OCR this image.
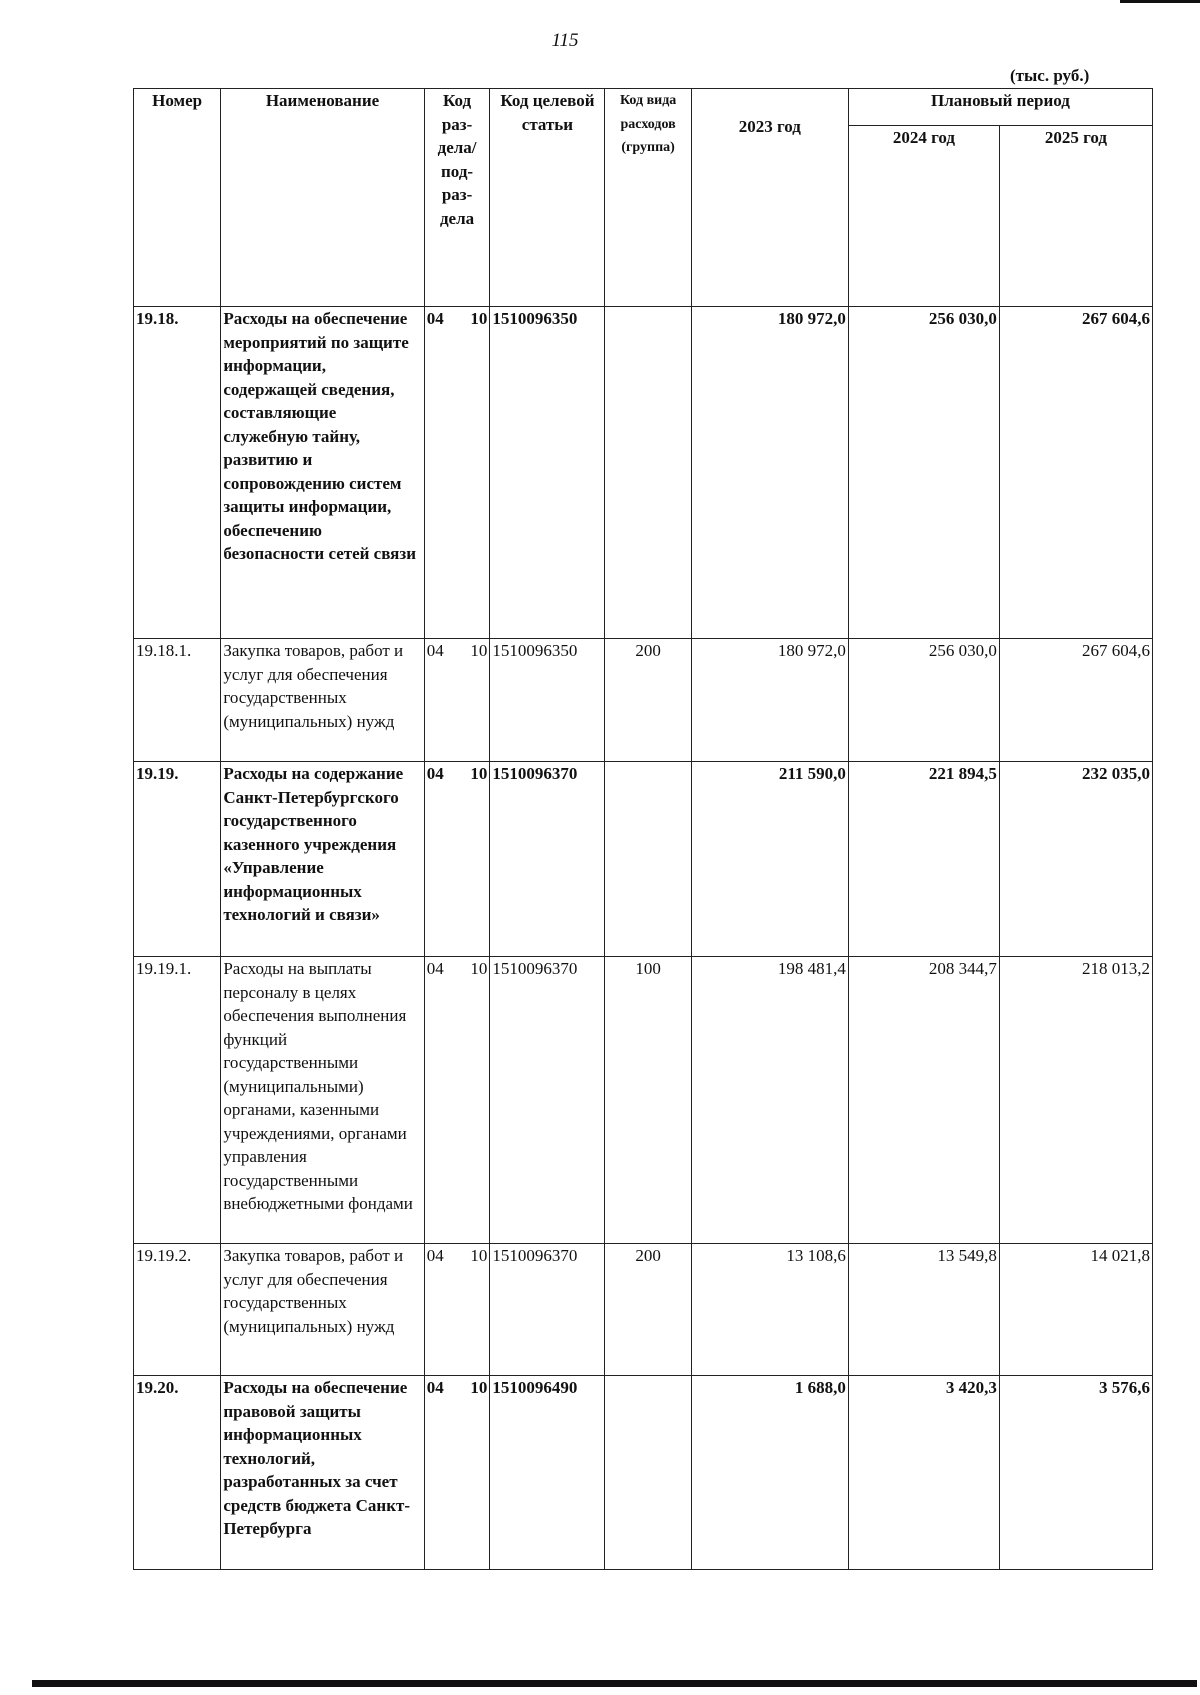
115
(тыс. руб.)
Номер	Наименование	Код раз-дела/ под-раз-дела	Код целевой статьи	Код вида расходов (группа)	2023 год	Плановый период	
						2024 год	2025 год
19.18.	Расходы на обеспечение мероприятий по защите информации, содержащей сведения, составляющие служебную тайну, развитию и сопровождению систем защиты информации, обеспечению безопасности сетей связи	04 10	1510096350		180 972,0	256 030,0	267 604,6
19.18.1.	Закупка товаров, работ и услуг для обеспечения государственных (муниципальных) нужд	04 10	1510096350	200	180 972,0	256 030,0	267 604,6
19.19.	Расходы на содержание Санкт-Петербургского государственного казенного учреждения «Управление информационных технологий и связи»	04 10	1510096370		211 590,0	221 894,5	232 035,0
19.19.1.	Расходы на выплаты персоналу в целях обеспечения выполнения функций государственными (муниципальными) органами, казенными учреждениями, органами управления государственными внебюджетными фондами	04 10	1510096370	100	198 481,4	208 344,7	218 013,2
19.19.2.	Закупка товаров, работ и услуг для обеспечения государственных (муниципальных) нужд	04 10	1510096370	200	13 108,6	13 549,8	14 021,8
19.20.	Расходы на обеспечение правовой защиты информационных технологий, разработанных за счет средств бюджета Санкт-Петербурга	04 10	1510096490		1 688,0	3 420,3	3 576,6
